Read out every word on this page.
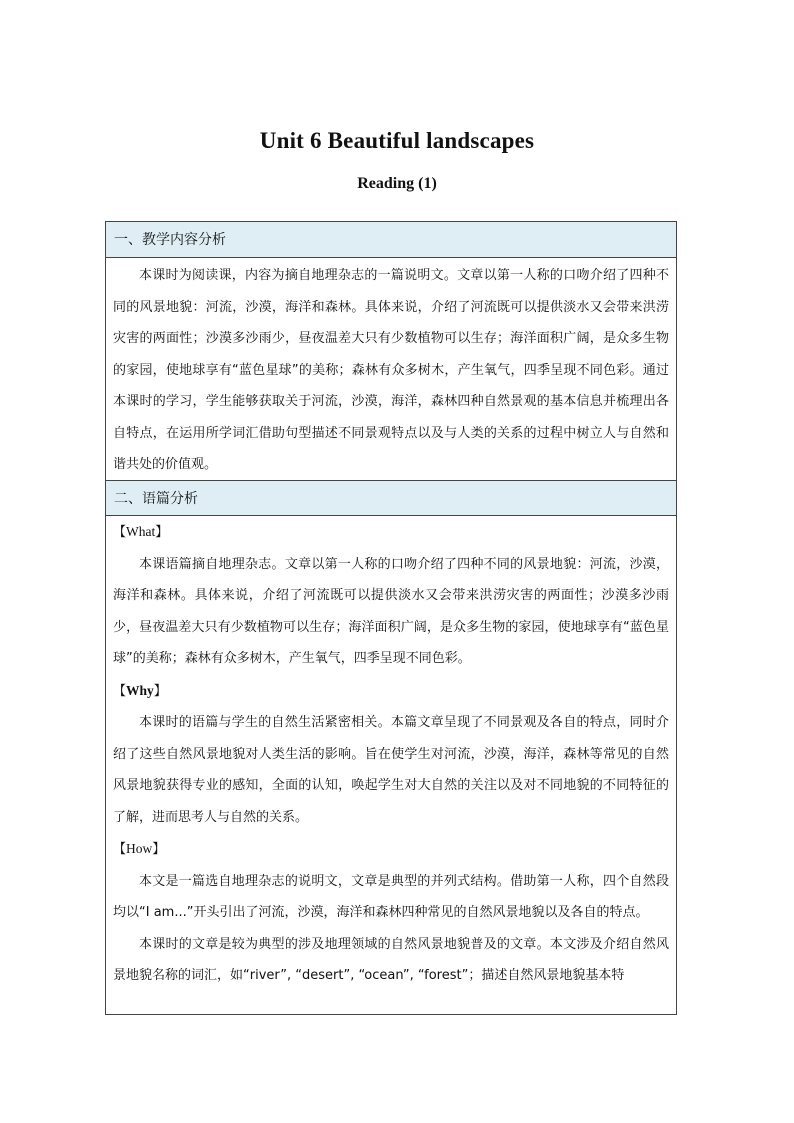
Unit 6 Beautiful landscapes
Reading (1)
一、教学内容分析

本课时为阅读课，内容为摘自地理杂志的一篇说明文。文章以第一人称的口吻介绍了四种不同的风景地貌：河流，沙漠，海洋和森林。具体来说，介绍了河流既可以提供淡水又会带来洪涝灾害的两面性；沙漠多沙雨少，昼夜温差大只有少数植物可以生存；海洋面积广阔，是众多生物的家园，使地球享有“蓝色星球”的美称；森林有众多树木，产生氧气，四季呈现不同色彩。通过本课时的学习，学生能够获取关于河流，沙漠，海洋，森林四种自然景观的基本信息并梳理出各自特点，在运用所学词汇借助句型描述不同景观特点以及与人类的关系的过程中树立人与自然和谐共处的价值观。

二、语篇分析

【What】

本课语篇摘自地理杂志。文章以第一人称的口吻介绍了四种不同的风景地貌：河流，沙漠，海洋和森林。具体来说，介绍了河流既可以提供淡水又会带来洪涝灾害的两面性；沙漠多沙雨少，昼夜温差大只有少数植物可以生存；海洋面积广阔，是众多生物的家园，使地球享有“蓝色星球”的美称；森林有众多树木，产生氧气，四季呈现不同色彩。

【Why】

本课时的语篇与学生的自然生活紧密相关。本篇文章呈现了不同景观及各自的特点，同时介绍了这些自然风景地貌对人类生活的影响。旨在使学生对河流，沙漠，海洋，森林等常见的自然风景地貌获得专业的感知，全面的认知，唤起学生对大自然的关注以及对不同地貌的不同特征的了解，进而思考人与自然的关系。

【How】

本文是一篇选自地理杂志的说明文，文章是典型的并列式结构。借助第一人称，四个自然段均以“I am...”开头引出了河流，沙漠，海洋和森林四种常见的自然风景地貌以及各自的特点。

本课时的文章是较为典型的涉及地理领域的自然风景地貌普及的文章。本文涉及介绍自然风景地貌名称的词汇，如“river”, “desert”, “ocean”, “forest”；描述自然风景地貌基本特
